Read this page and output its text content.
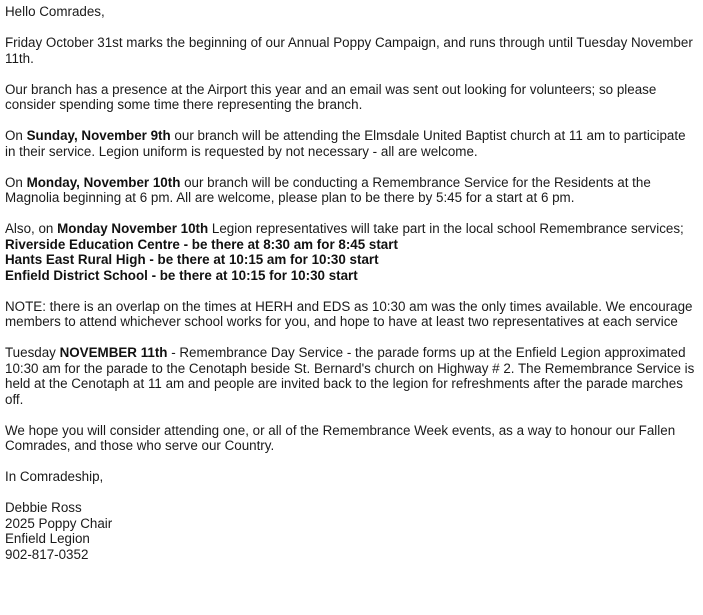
Hello Comrades,

Friday October 31st marks the beginning of our Annual Poppy Campaign, and runs through until Tuesday November 11th.

Our branch has a presence at the Airport this year and an email was sent out looking for volunteers; so please consider spending some time there representing the branch.

On Sunday, November 9th our branch will be attending the Elmsdale United Baptist church at 11 am to participate in their service. Legion uniform is requested by not necessary - all are welcome.

On Monday, November 10th our branch will be conducting a Remembrance Service for the Residents at the Magnolia beginning at 6 pm. All are welcome, please plan to be there by 5:45 for a start at 6 pm.

Also, on Monday November 10th Legion representatives will take part in the local school Remembrance services;

Riverside Education Centre - be there at 8:30 am for 8:45 start
Hants East Rural High - be there at 10:15 am for 10:30 start
Enfield District School - be there at 10:15 for 10:30 start

NOTE: there is an overlap on the times at HERH and EDS as 10:30 am was the only times available. We encourage members to attend whichever school works for you, and hope to have at least two representatives at each service

Tuesday NOVEMBER 11th - Remembrance Day Service - the parade forms up at the Enfield Legion approximated 10:30 am for the parade to the Cenotaph beside St. Bernard's church on Highway # 2. The Remembrance Service is held at the Cenotaph at 11 am and people are invited back to the legion for refreshments after the parade marches off.

We hope you will consider attending one, or all of the Remembrance Week events, as a way to honour our Fallen Comrades, and those who serve our Country.

In Comradeship,

Debbie Ross
2025 Poppy Chair
Enfield Legion
902-817-0352
